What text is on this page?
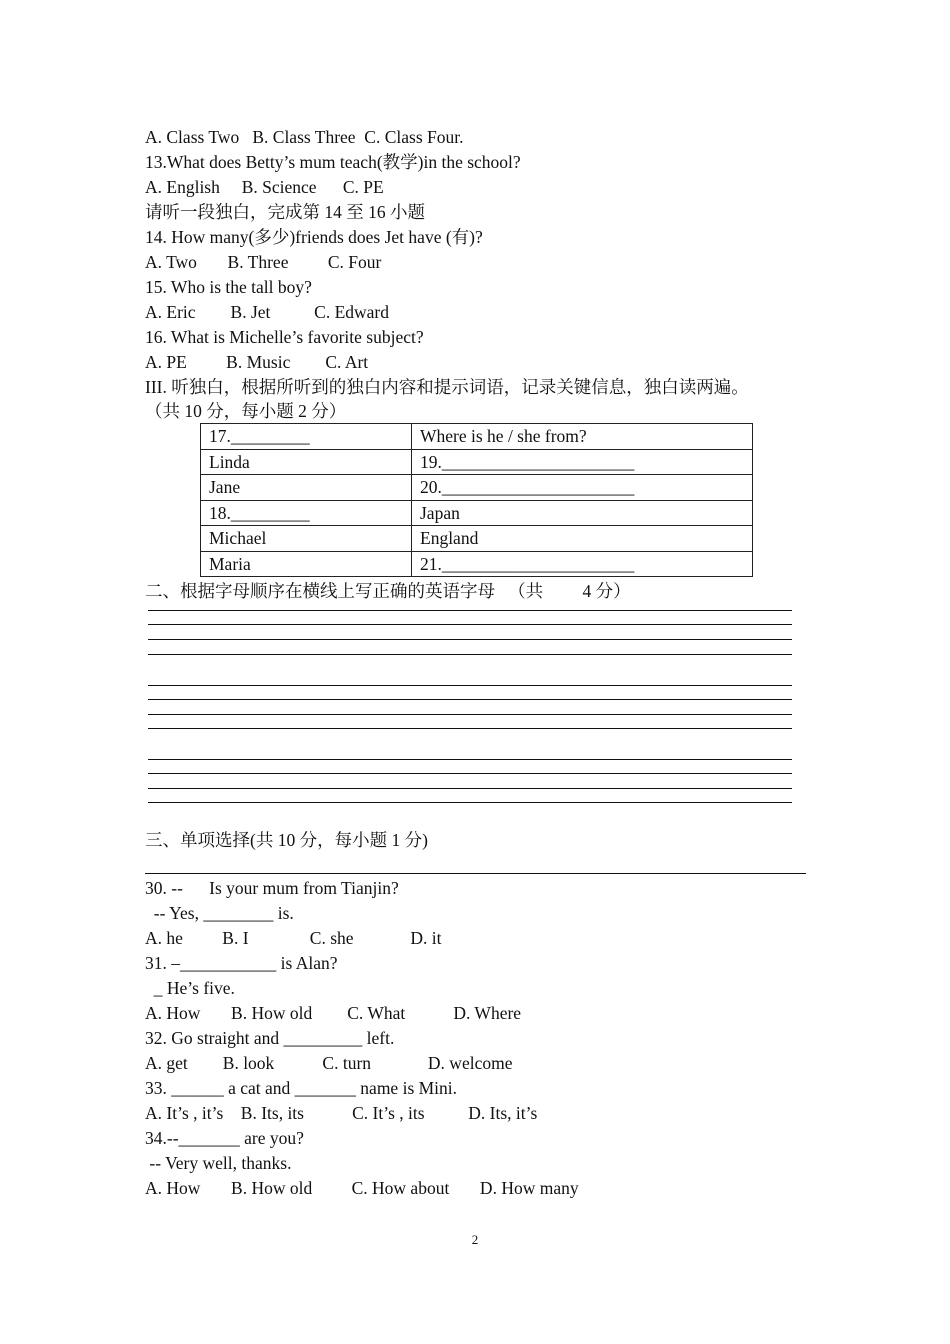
A. Class Two   B. Class Three  C. Class Four.
13.What does Betty’s mum teach(教学)in the school?
A. English     B. Science      C. PE
请听一段独白，完成第 14 至 16 小题
14. How many(多少)friends does Jet have (有)?
A. Two       B. Three         C. Four
15. Who is the tall boy?
A. Eric        B. Jet          C. Edward
16. What is Michelle’s favorite subject?
A. PE         B. Music        C. Art
III. 听独白，根据所听到的独白内容和提示词语，记录关键信息，独白读两遍。
（共 10 分，每小题 2 分）
17._________	Where is he / she from?
Linda	19.______________________
Jane	20.______________________
18._________	Japan
Michael	England
Maria	21.______________________
二、根据字母顺序在横线上写正确的英语字母   （共         4 分）
三、单项选择(共 10 分，每小题 1 分)
30. --      Is your mum from Tianjin?
-- Yes, ________ is.
A. he         B. I              C. she             D. it
31. –___________ is Alan?
_ He’s five.
A. How       B. How old        C. What           D. Where
32. Go straight and _________ left.
A. get        B. look           C. turn             D. welcome
33. ______ a cat and _______ name is Mini.
A. It’s , it’s    B. Its, its           C. It’s , its          D. Its, it’s
34.--_______ are you?
-- Very well, thanks.
A. How       B. How old         C. How about       D. How many
2
